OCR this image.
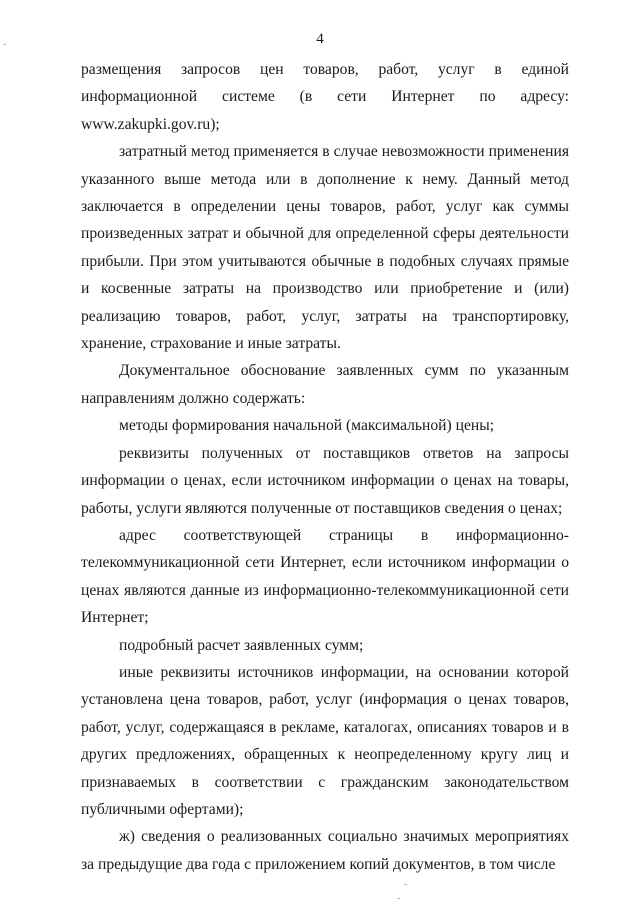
4

размещения запросов цен товаров, работ, услуг в единой информационной системе (в сети Интернет по адресу: www.zakupki.gov.ru);

затратный метод применяется в случае невозможности применения указанного выше метода или в дополнение к нему. Данный метод заключается в определении цены товаров, работ, услуг как суммы произведенных затрат и обычной для определенной сферы деятельности прибыли. При этом учитываются обычные в подобных случаях прямые и косвенные затраты на производство или приобретение и (или) реализацию товаров, работ, услуг, затраты на транспортировку, хранение, страхование и иные затраты.

Документальное обоснование заявленных сумм по указанным направлениям должно содержать:

методы формирования начальной (максимальной) цены;

реквизиты полученных от поставщиков ответов на запросы информации о ценах, если источником информации о ценах на товары, работы, услуги являются полученные от поставщиков сведения о ценах;

адрес соответствующей страницы в информационно-телекоммуникационной сети Интернет, если источником информации о ценах являются данные из информационно-телекоммуникационной сети Интернет;

подробный расчет заявленных сумм;

иные реквизиты источников информации, на основании которой установлена цена товаров, работ, услуг (информация о ценах товаров, работ, услуг, содержащаяся в рекламе, каталогах, описаниях товаров и в других предложениях, обращенных к неопределенному кругу лиц и признаваемых в соответствии с гражданским законодательством публичными офертами);

ж) сведения о реализованных социально значимых мероприятиях за предыдущие два года с приложением копий документов, в том числе
